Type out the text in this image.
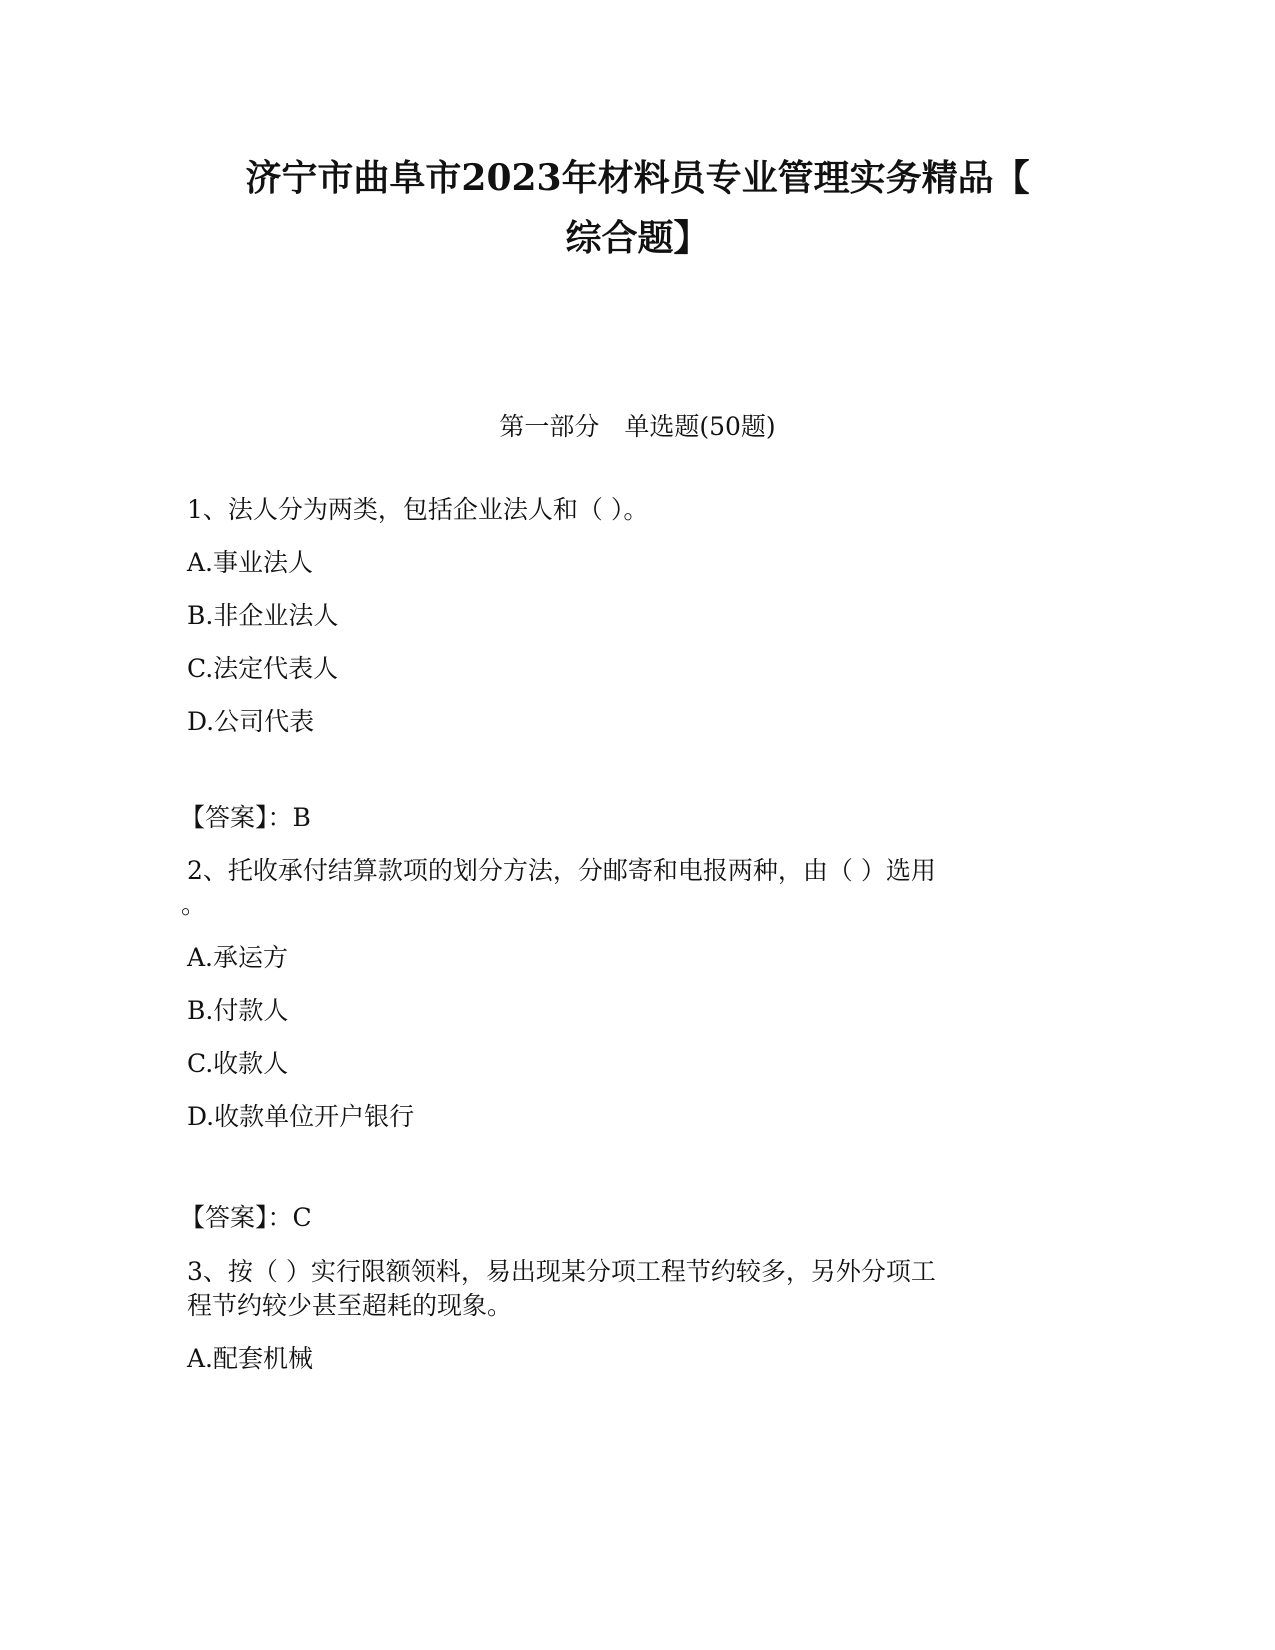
济宁市曲阜市2023年材料员专业管理实务精品【
综合题】
第一部分　单选题(50题)

1、法人分为两类，包括企业法人和（ ）。

A.事业法人

B.非企业法人

C.法定代表人

D.公司代表

【答案】：B

2、托收承付结算款项的划分方法，分邮寄和电报两种，由（ ）选用

。

A.承运方

B.付款人

C.收款人

D.收款单位开户银行

【答案】：C

3、按（ ）实行限额领料，易出现某分项工程节约较多，另外分项工

程节约较少甚至超耗的现象。

A.配套机械
